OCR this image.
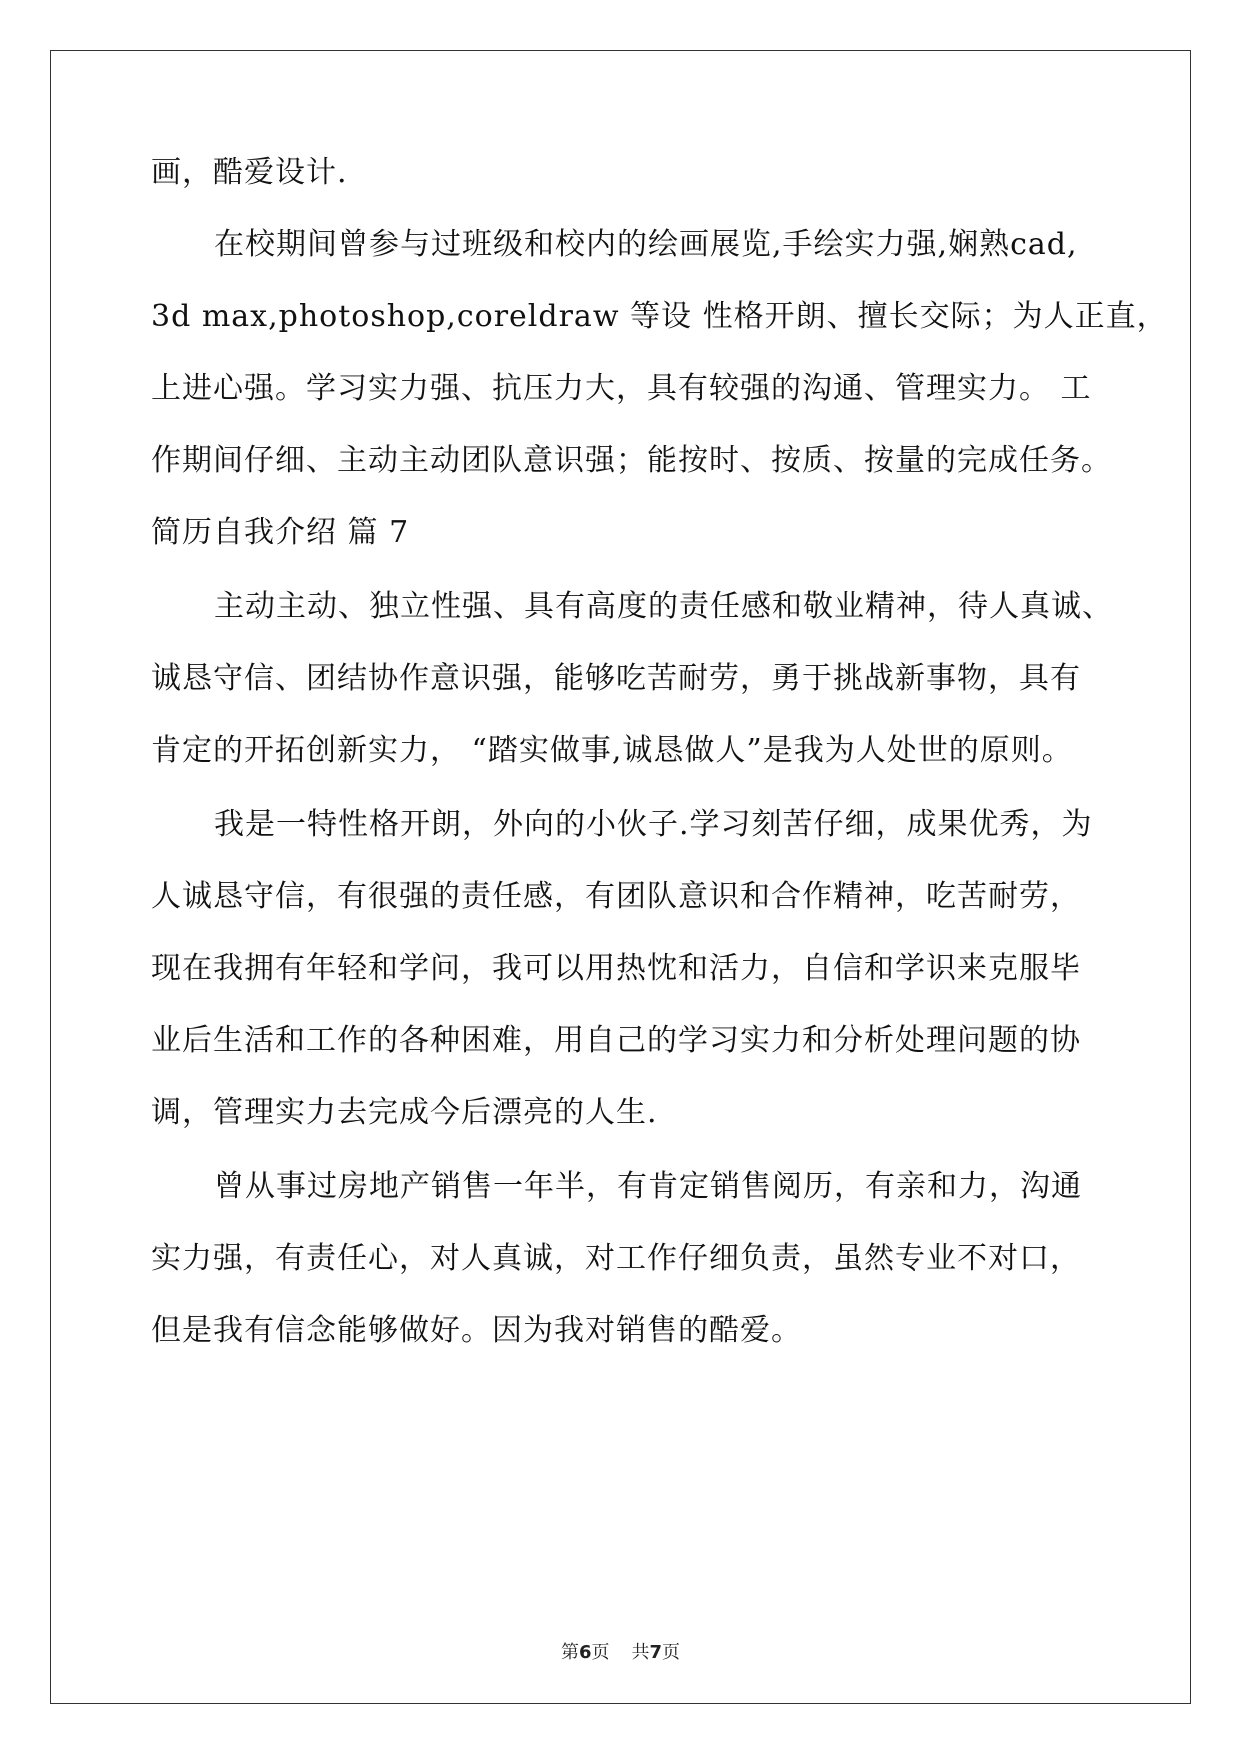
画，酷爱设计.
在校期间曾参与过班级和校内的绘画展览,手绘实力强,娴熟cad,
3d max,photoshop,coreldraw 等设 性格开朗、擅长交际；为人正直，
上进心强。学习实力强、抗压力大，具有较强的沟通、管理实力。 工
作期间仔细、主动主动团队意识强；能按时、按质、按量的完成任务。
简历自我介绍 篇 7
主动主动、独立性强、具有高度的责任感和敬业精神，待人真诚、
诚恳守信、团结协作意识强，能够吃苦耐劳，勇于挑战新事物，具有
肯定的开拓创新实力， “踏实做事,诚恳做人”是我为人处世的原则。
我是一特性格开朗，外向的小伙子.学习刻苦仔细，成果优秀，为
人诚恳守信，有很强的责任感，有团队意识和合作精神，吃苦耐劳，
现在我拥有年轻和学问，我可以用热忱和活力，自信和学识来克服毕
业后生活和工作的各种困难，用自己的学习实力和分析处理问题的协
调，管理实力去完成今后漂亮的人生.
曾从事过房地产销售一年半，有肯定销售阅历，有亲和力，沟通
实力强，有责任心，对人真诚，对工作仔细负责，虽然专业不对口，
但是我有信念能够做好。因为我对销售的酷爱。
第6页 共7页
